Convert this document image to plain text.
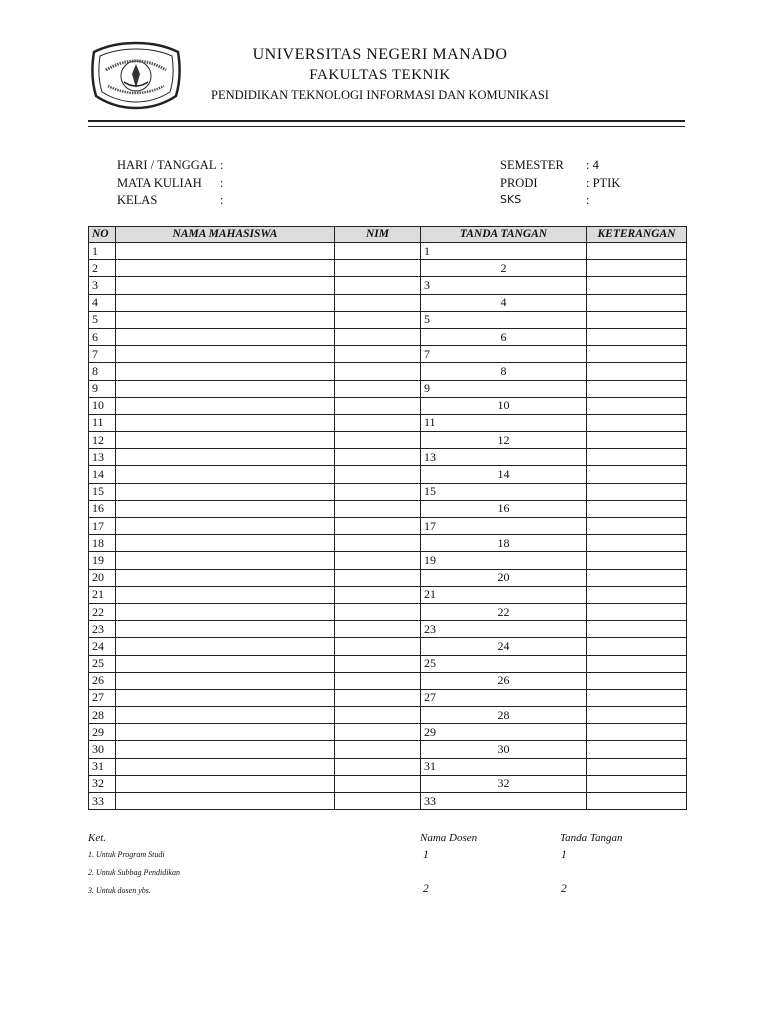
UNIVERSITAS NEGERI MANADO
FAKULTAS TEKNIK
PENDIDIKAN TEKNOLOGI INFORMASI DAN KOMUNIKASI
HARI / TANGGAL :
MATA KULIAH :
KELAS	:
SEMESTER : 4
PRODI	: PTIK
SKS	:
NO	NAMA MAHASISWA	NIM	TANDA TANGAN	KETERANGAN
1			1	
2			2	
3			3	
4			4	
5			5	
6			6	
7			7	
8			8	
9			9	
10			10	
11			11	
12			12	
13			13	
14			14	
15			15	
16			16	
17			17	
18			18	
19			19	
20			20	
21			21	
22			22	
23			23	
24			24	
25			25	
26			26	
27			27	
28			28	
29			29	
30			30	
31			31	
32			32	
33			33	
Ket.
1. Untuk Program Studi
2. Untuk Subbag Pendidikan
3. Untuk dosen ybs.
Nama Dosen
1
2
Tanda Tangan
1
2
